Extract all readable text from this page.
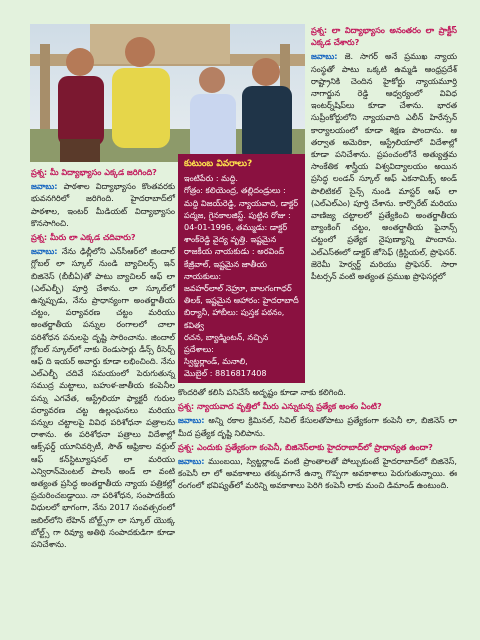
ప్రశ్న: మీ విద్యాభ్యాసం ఎక్కడ జరిగింది?

జవాబు: పాఠశాల విద్యాభ్యాసం కొంతవరకు భువనగిరిలో జరిగింది. హైదరాబాద్‌లో పాఠశాల, ఇంటర్ మీడియట్ విద్యాభ్యాసం కొనసాగించి.

ప్రశ్న: మీరు లా ఎక్కడ చదివారు?

జవాబు: నేను ఢిల్లీలోని ఎన్‌సీఆర్‌లో జిందాల్ గ్లోబల్ లా స్కూల్ నుండి బ్యాచిలర్స్ ఇన్ బిజినెస్ (బీబీఏ)తో పాటు బ్యాచిలర్ ఆఫ్ లా (ఎల్ఎల్బీ) పూర్తి చేశాను. లా స్కూల్‌లో ఉన్నప్పుడు, నేను ప్రాధాన్యంగా అంతర్జాతీయ చట్టం, పర్యావరణ చట్టం మరియు అంతర్జాతీయ పన్నుల రంగాలలో చాలా పరిశోధన పనులపై దృష్టి సారించాను. జిందాల్ గ్లోబల్ స్కూల్‌లో నాకు రెండుసార్లు డీన్స్ రీసెర్చ్ ఆఫ్ ది ఇయర్ అవార్డు కూడా లభించింది. నేను ఎల్ఎల్బీ చదివే సమయంలో పెరుగుతున్న సముద్ర మట్టాలు, బహుళ-జాతీయ కంపెనీల పన్ను ఎగవేత, ఆస్ట్రేలియా ఫ్యాక్టరీ గురుల పర్యావరణ చట్ట ఉల్లంఘనలు మరియు పన్నుల చట్టాలపై వివిధ పరిశోధనా పత్రాలను రాశాను. ఈ పరిశోధనా పత్రాలు విదేశాల్లో ఆక్స్‌ఫర్డ్ యూనివర్సిటీ, సౌత్ ఆఫ్రికాల వర్గుల్ ఆఫ్ కన్‌స్టిట్యూషనల్ లా మరియు ఎన్విరాన్‌మెంటల్ పాలసీ అండ్ లా వంటి అత్యంత ప్రసిద్ధ అంతర్జాతీయ న్యాయ పత్రికల్లో ప్రచురించబడ్డాయి. నా పరిశోధన, సంపాదకీయ విధులలో భాగంగా, నేను 2017 సంవత్సరంలో జబిల్‌లోని లేహిన్ బోల్ట్స్‌గా లా స్కూల్ యొక్క బోల్ట్స్ గా రివ్యూ అతిథి సంపాదకుడిగా కూడా పనిచేశాను.

కుటుంబ వివరాలు?

ఇంటిపేరు : మద్ది.

గోత్రం: కలియెంద్ర, తల్లిదండ్రులు :

మద్ది విజయ్‌రెడ్డి, న్యాయవాది, డాక్టర్

పద్మజ, గైనకాలజిస్ట్. పుట్టిన రోజు :

04-01-1996, తమ్ముడు: డాక్టర్

శాంక్‌రెడ్డి వైద్య వృత్తి. ఇష్టమైన

రాజకీయ నాయకుడు : అరవింద్

కేజ్రీవాల్, ఇష్టమైన జాతీయ నాయకులు:

జవహర్‌లాల్ నెహ్రూ, బాలగంగాధర్

తిలక్, ఇష్టమైన ఆహారం: హైదరాబాదీ

బిర్యానీ, హాబీలు: పుస్తక పఠనం, కవిత్వ

రచన, బ్యాడ్మింటన్, నచ్చిన ప్రదేశాలు:

స్విట్జర్లాండ్, మనాలి,

మొబైల్ : 8816817408

ప్రశ్న: లా విద్యాభ్యాసం అనంతరం లా ప్రాక్టీస్ ఎక్కడ చేశారు?

జవాబు: జె. సాగర్ అనే ప్రముఖ న్యాయ సంస్థతో పాటు ఒక్కటి ఉమ్మడి ఆంధ్రప్రదేశ్ రాష్ట్రానికి చెందిన హైకోర్టు న్యాయమూర్తి నాగార్జున రెడ్డి ఆధ్వర్యంలో వివిధ ఇంటర్న్‌షిప్‌లు కూడా చేశాను. భారత సుప్రీంకోర్టులోని న్యాయవాది ఎలీన్ హిరేన్సన్ కార్యాలయంలో కూడా శిక్షణ పొందాను. ఆ తర్వాత అమెరికా, ఆస్ట్రేలియాలో విదేశాల్లో కూడా పనిచేశాను. ప్రపంచంలోనే అత్యుత్తమ సాంకేతిక శాస్త్రీయ విశ్వవిద్యాలయం అయిన ప్రసిద్ధ లండన్ స్కూల్ ఆఫ్ ఎకనామిక్స్ అండ్ పొలిటికల్ సైన్స్ నుండి మాస్టర్ ఆఫ్ లా (ఎల్ఎల్ఎం) పూర్తి చేశాను. కార్పొరేట్ మరియు వాణిజ్య చట్టాలలో ప్రత్యేకించి అంతర్జాతీయ బ్యాంకింగ్ చట్టం, అంతర్జాతీయ ఫైనాన్స్ చట్టంలో ప్రత్యేక నైపుణ్యాన్ని పొందాను. ఎల్ఎస్ఈలో డాక్టర్ జోసెఫ్ (క్రిస్టియల్, ప్రొఫెసర్. జెరెమీ హెర్వర్ట్ మరియు ప్రొఫెసర్. సారా పీటర్సన్ వంటి అత్యంత ప్రముఖ ప్రొఫెసర్లలో

కొందరితో కలిసి పనిచేసే అదృష్టం కూడా నాకు కలిగింది.

ప్రశ్న: న్యాయవాద వృత్తిలో మీరు ఎన్నుకున్న ప్రత్యేక అంశం ఏంటి?

జవాబు: అన్ని రకాల క్రిమినల్, సివిల్ కేసులతోపాటు ప్రత్యేకంగా కంపెనీ లా, బిజినెస్ లా మీద ప్రత్యేక దృష్టి నిలిపాను.

ప్రశ్న: ఎందుకు ప్రత్యేకంగా కంపెనీ, బిజినెస్‌లాకు హైదరాబాద్‌లో ప్రాధాన్యత ఉందా?

జవాబు: ముంబయి, స్విట్జర్లాండ్ వంటి ప్రాంతాలతో పోల్చుకుంటే హైదరాబాద్‌లో బిజినెస్, కంపెనీ లా లో అవకాశాలు తక్కువగానే ఉన్నా గొప్పగా అవకాశాలు పెరుగుతున్నాయి. ఈ రంగంలో భవిష్యత్‌లో మరిన్ని అవకాశాలు పెరిగి కంపెనీ లాకు మంచి డిమాండ్ ఉంటుంది.
